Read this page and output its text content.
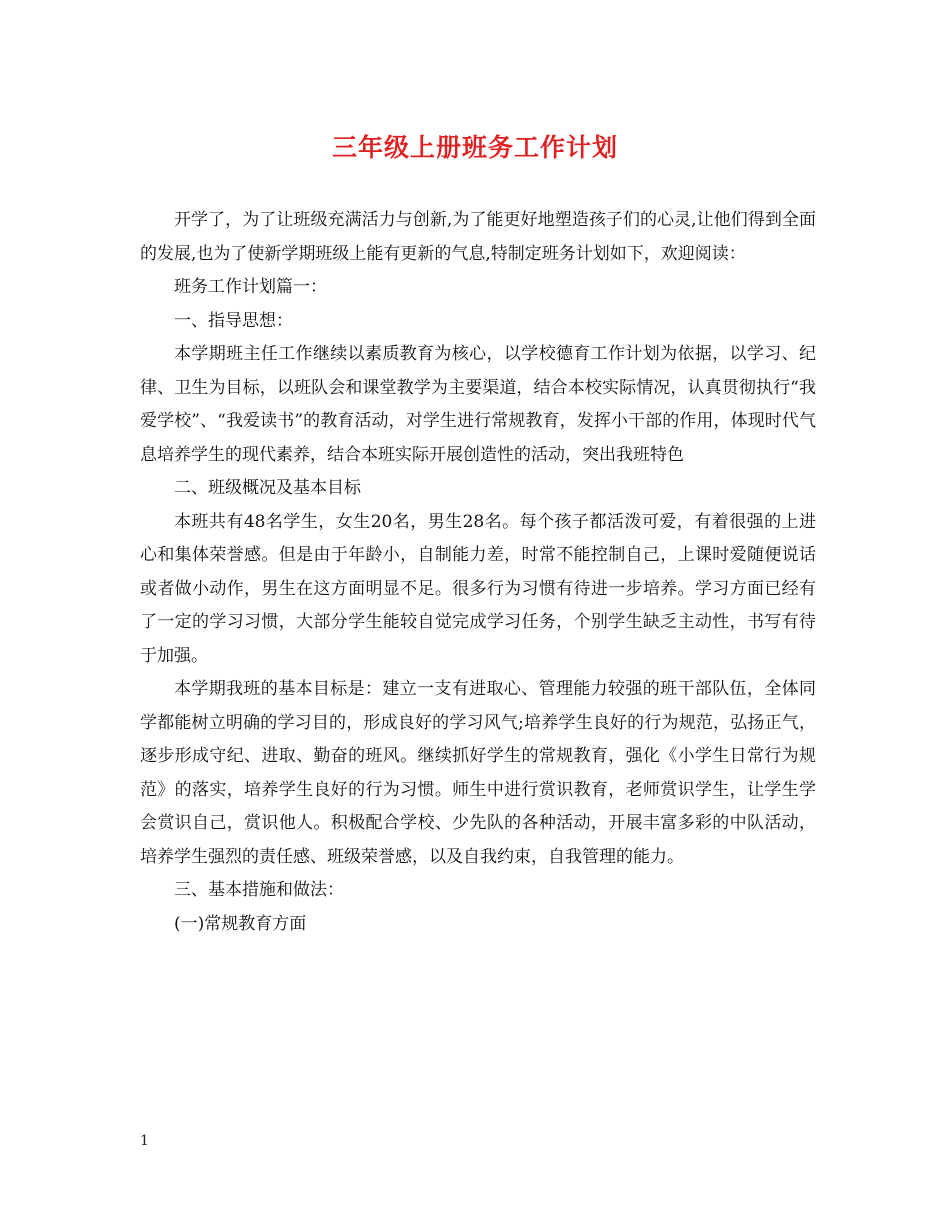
三年级上册班务工作计划

开学了，为了让班级充满活力与创新,为了能更好地塑造孩子们的心灵,让他们得到全面的发展,也为了使新学期班级上能有更新的气息,特制定班务计划如下，欢迎阅读：

班务工作计划篇一：

一、指导思想：

本学期班主任工作继续以素质教育为核心，以学校德育工作计划为依据，以学习、纪律、卫生为目标，以班队会和课堂教学为主要渠道，结合本校实际情况，认真贯彻执行“我爱学校”、“我爱读书”的教育活动，对学生进行常规教育，发挥小干部的作用，体现时代气息培养学生的现代素养，结合本班实际开展创造性的活动，突出我班特色

二、班级概况及基本目标

本班共有48名学生，女生20名，男生28名。每个孩子都活泼可爱，有着很强的上进心和集体荣誉感。但是由于年龄小，自制能力差，时常不能控制自己，上课时爱随便说话或者做小动作，男生在这方面明显不足。很多行为习惯有待进一步培养。学习方面已经有了一定的学习习惯，大部分学生能较自觉完成学习任务，个别学生缺乏主动性，书写有待于加强。

本学期我班的基本目标是：建立一支有进取心、管理能力较强的班干部队伍，全体同学都能树立明确的学习目的，形成良好的学习风气;培养学生良好的行为规范，弘扬正气，逐步形成守纪、进取、勤奋的班风。继续抓好学生的常规教育，强化《小学生日常行为规范》的落实，培养学生良好的行为习惯。师生中进行赏识教育，老师赏识学生，让学生学会赏识自己，赏识他人。积极配合学校、少先队的各种活动，开展丰富多彩的中队活动，培养学生强烈的责任感、班级荣誉感，以及自我约束，自我管理的能力。

三、基本措施和做法：

(一)常规教育方面

1
